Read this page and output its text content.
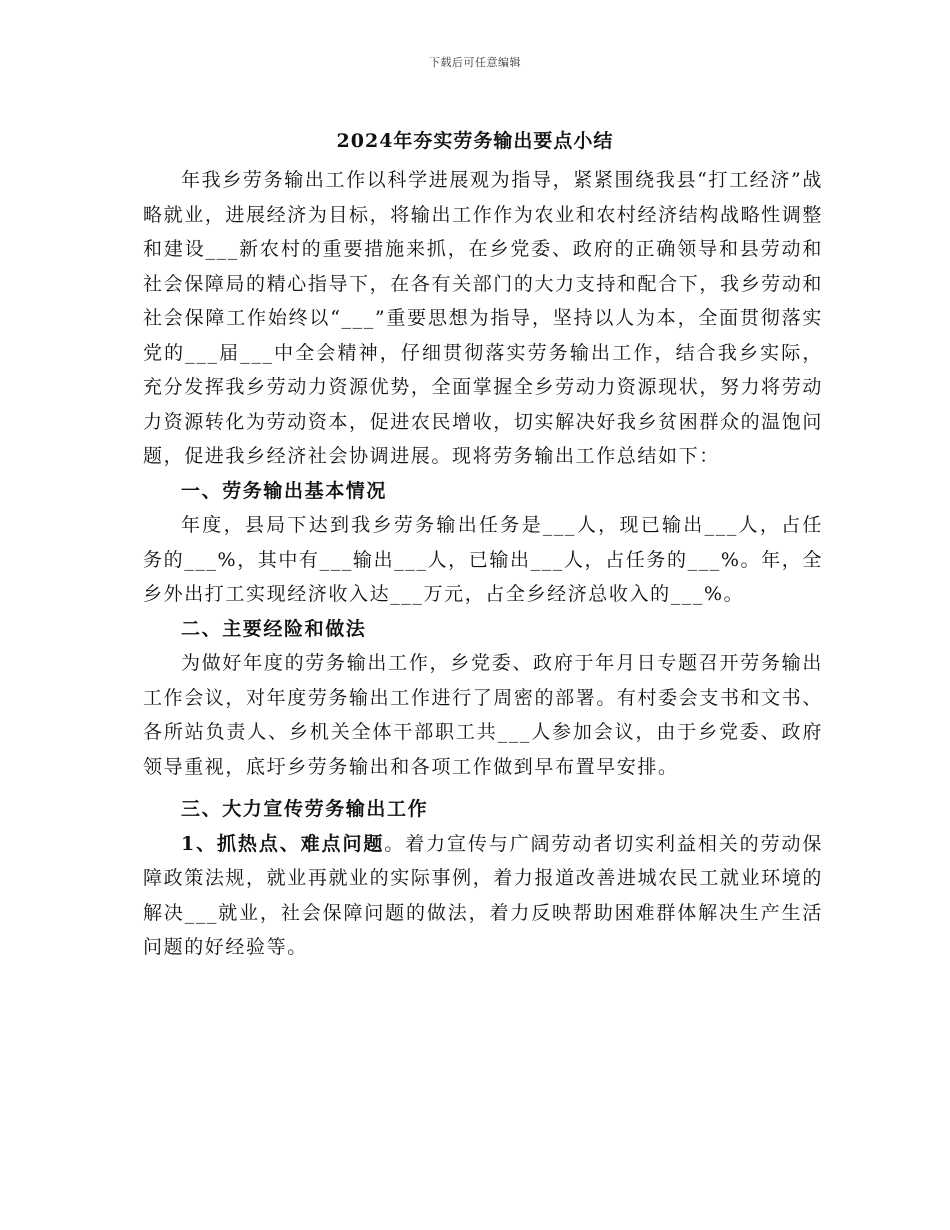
下载后可任意编辑
2024年夯实劳务输出要点小结

年我乡劳务输出工作以科学进展观为指导，紧紧围绕我县“打工经济”战略就业，进展经济为目标，将输出工作作为农业和农村经济结构战略性调整和建设___新农村的重要措施来抓，在乡党委、政府的正确领导和县劳动和社会保障局的精心指导下，在各有关部门的大力支持和配合下，我乡劳动和社会保障工作始终以“___”重要思想为指导，坚持以人为本，全面贯彻落实党的___届___中全会精神，仔细贯彻落实劳务输出工作，结合我乡实际，充分发挥我乡劳动力资源优势，全面掌握全乡劳动力资源现状，努力将劳动力资源转化为劳动资本，促进农民增收，切实解决好我乡贫困群众的温饱问题，促进我乡经济社会协调进展。现将劳务输出工作总结如下：

一、劳务输出基本情况

年度，县局下达到我乡劳务输出任务是___人，现已输出___人，占任务的___%，其中有___输出___人，已输出___人，占任务的___%。年，全乡外出打工实现经济收入达___万元，占全乡经济总收入的___%。

二、主要经险和做法

为做好年度的劳务输出工作，乡党委、政府于年月日专题召开劳务输出工作会议，对年度劳务输出工作进行了周密的部署。有村委会支书和文书、各所站负责人、乡机关全体干部职工共___人参加会议，由于乡党委、政府领导重视，底圩乡劳务输出和各项工作做到早布置早安排。

三、大力宣传劳务输出工作

1、抓热点、难点问题。着力宣传与广阔劳动者切实利益相关的劳动保障政策法规，就业再就业的实际事例，着力报道改善进城农民工就业环境的解决___就业，社会保障问题的做法，着力反映帮助困难群体解决生产生活问题的好经验等。
